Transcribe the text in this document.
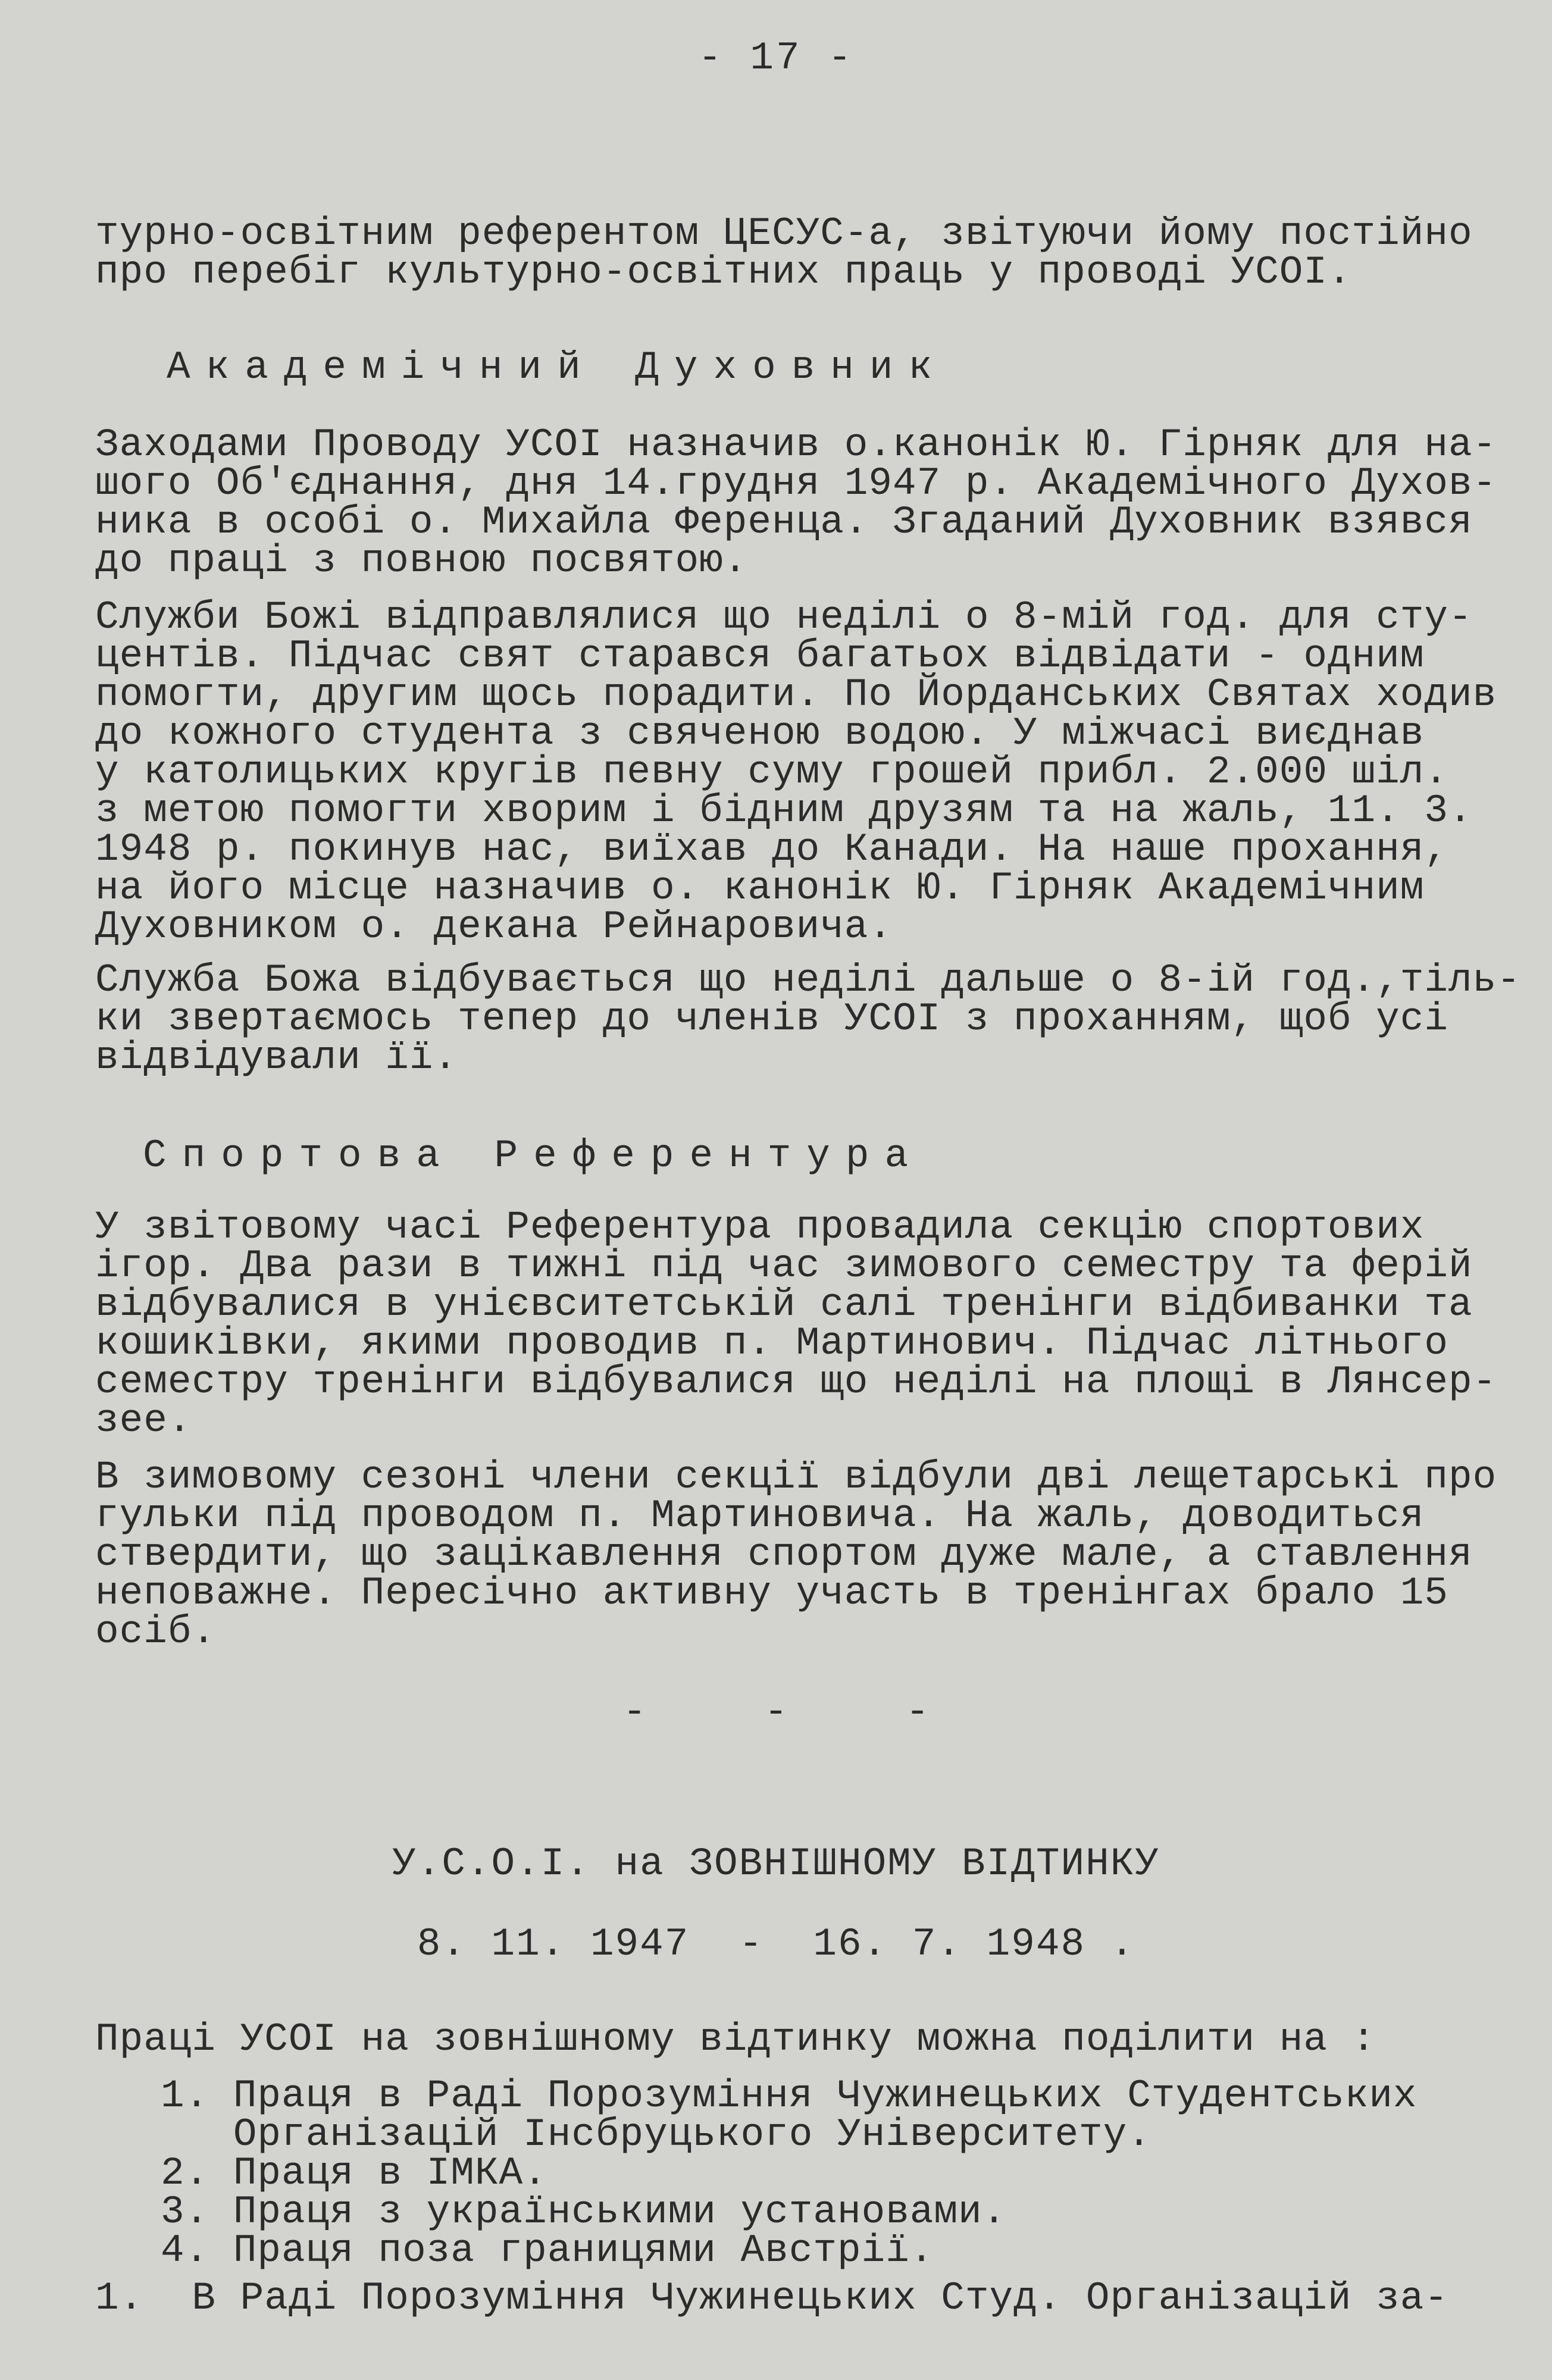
- 17 -
турно-освітним референтом ЦЕСУС-а, звітуючи йому постійно
про перебіг культурно-освітних праць у проводі УСОІ.
Академічний Духовник
Заходами Проводу УСОІ назначив о.канонік Ю. Гірняк для на-
шого Об'єднання, дня 14.грудня 1947 р. Академічного Духов-
ника в особі о. Михайла Ференца. Згаданий Духовник взявся
до праці з повною посвятою.
Служби Божі відправлялися що неділі о 8-мій год. для сту-
центів. Підчас свят старався багатьох відвідати - одним
помогти, другим щось порадити. По Йорданських Святах ходив
до кожного студента з свяченою водою. У міжчасі виєднав
у католицьких кругів певну суму грошей прибл. 2.000 шіл.
з метою помогти хворим і бідним друзям та на жаль, 11. 3.
1948 р. покинув нас, виїхав до Канади. На наше прохання,
на його місце назначив о. канонік Ю. Гірняк Академічним
Духовником о. декана Рейнаровича.
Служба Божа відбувається що неділі дальше о 8-ій год.,тіль-
ки звертаємось тепер до членів УСОІ з проханням, щоб усі
відвідували її.
Спортова Референтура
У звітовому часі Референтура провадила секцію спортових
ігор. Два рази в тижні під час зимового семестру та ферій
відбувалися в унієвситетській салі тренінги відбиванки та
кошиківки, якими проводив п. Мартинович. Підчас літнього
семестру тренінги відбувалися що неділі на площі в Лянсер-
зее.
В зимовому сезоні члени секції відбули дві лещетарські про
гульки під проводом п. Мартиновича. На жаль, доводиться
ствердити, що зацікавлення спортом дуже мале, а ставлення
неповажне. Пересічно активну участь в тренінгах брало 15
осіб.
-     -     -
У.С.О.І. на ЗОВНІШНОМУ ВІДТИНКУ
8. 11. 1947  -  16. 7. 1948 .
Праці УСОІ на зовнішному відтинку можна поділити на :
1. Праця в Раді Порозуміння Чужинецьких Студентських
Організацій Інсбруцького Університету.
2. Праця в ІМКА.
3. Праця з українськими установами.
4. Праця поза границями Австрії.
1.  В Раді Порозуміння Чужинецьких Студ. Організацій за-
